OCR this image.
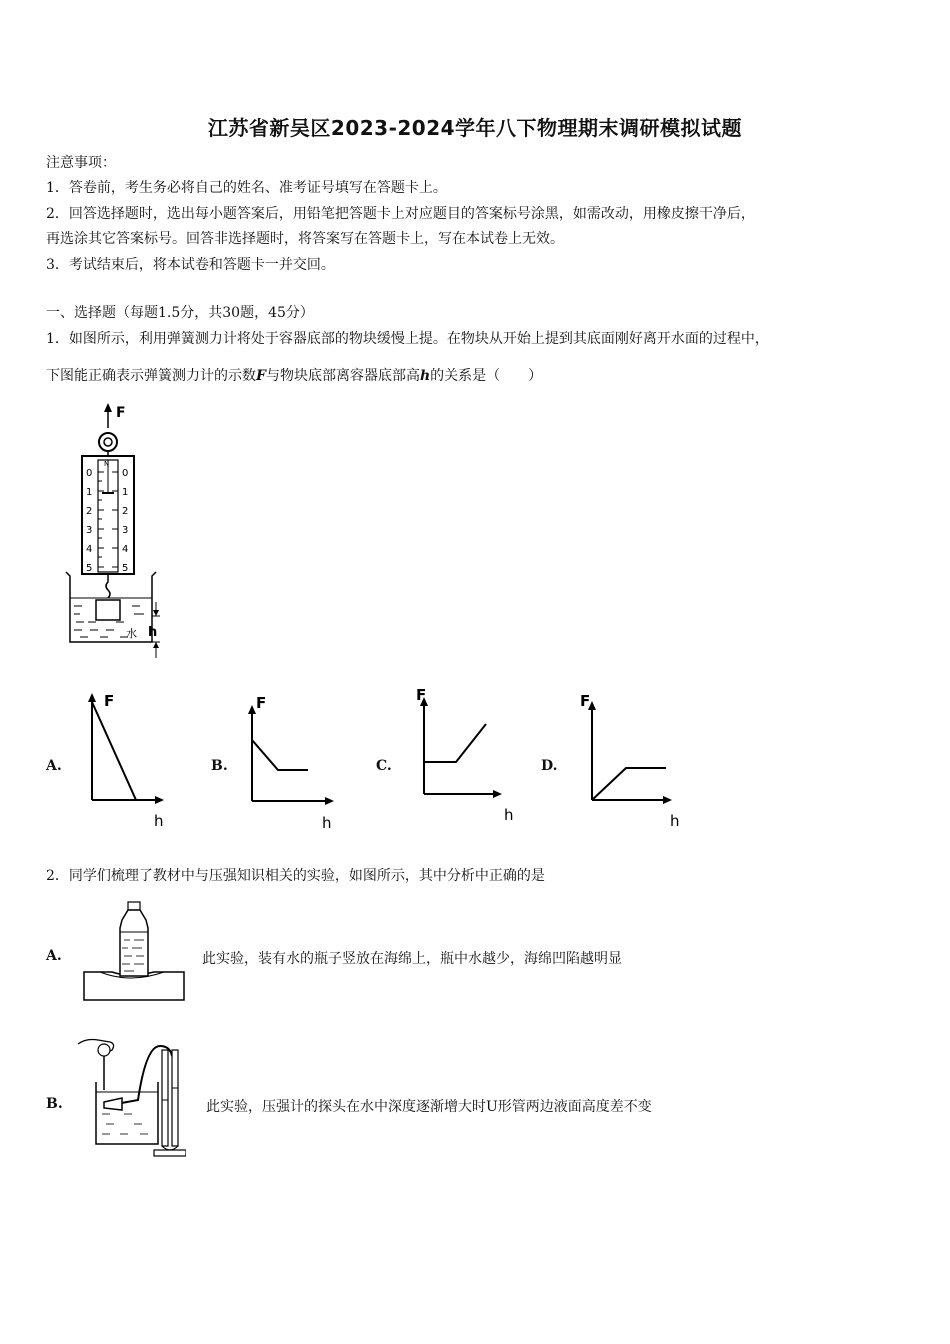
江苏省新吴区2023-2024学年八下物理期末调研模拟试题
注意事项：
1．答卷前，考生务必将自己的姓名、准考证号填写在答题卡上。
2．回答选择题时，选出每小题答案后，用铅笔把答题卡上对应题目的答案标号涂黑，如需改动，用橡皮擦干净后，
再选涂其它答案标号。回答非选择题时，将答案写在答题卡上，写在本试卷上无效。
3．考试结束后，将本试卷和答题卡一并交回。
一、选择题（每题1.5分，共30题，45分）
1．如图所示，利用弹簧测力计将处于容器底部的物块缓慢上提。在物块从开始上提到其底面刚好离开水面的过程中，
下图能正确表示弹簧测力计的示数F与物块底部离容器底部高h的关系是（　　）
F
N
0
1
2
3
4
5
0
1
2
3
4
5
水 h
A.
F
h
B.
F
h
C.
F
h
D.
F
h
2．同学们梳理了教材中与压强知识相关的实验，如图所示，其中分析中正确的是
A.	此实验，装有水的瓶子竖放在海绵上，瓶中水越少，海绵凹陷越明显
B.	此实验，压强计的探头在水中深度逐渐增大时U形管两边液面高度差不变
